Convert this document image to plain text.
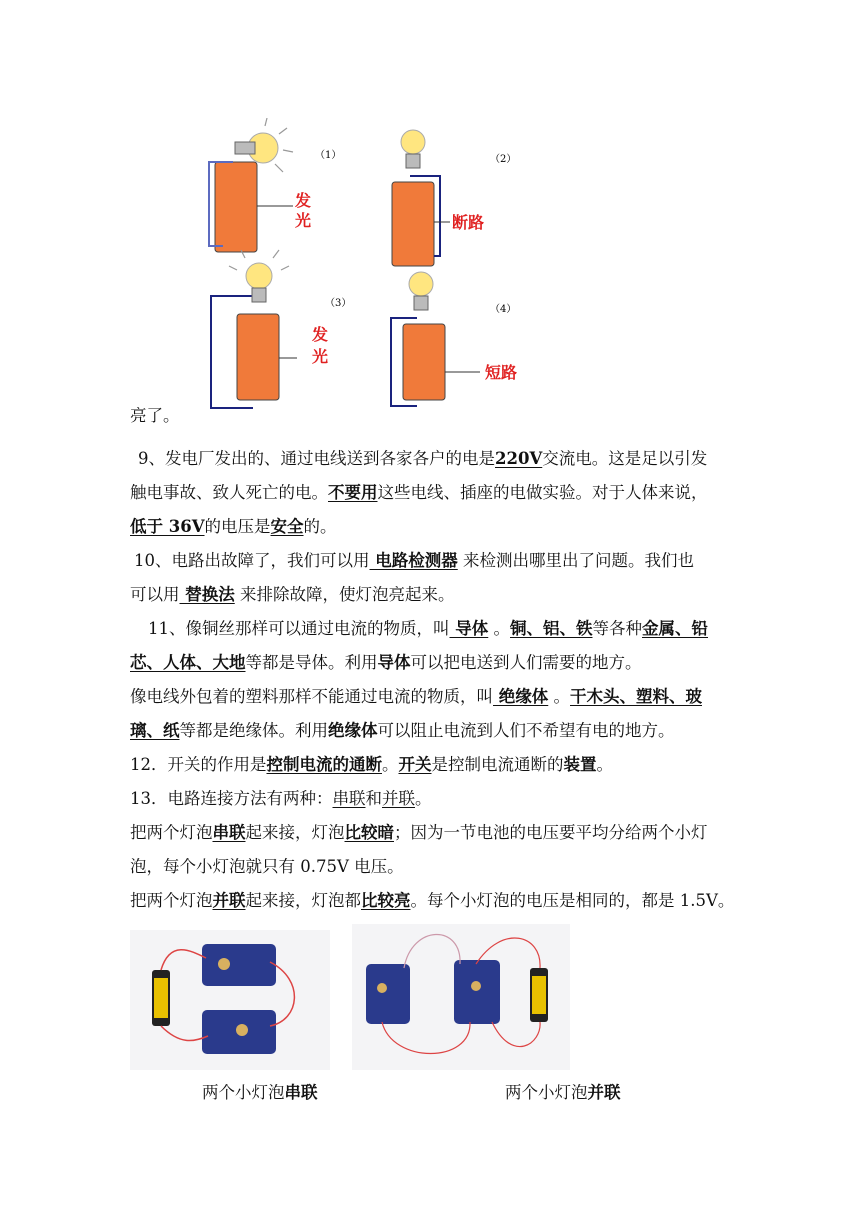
（1）
发
光
（2）
断路
（3）
发
光
（4）
短路
亮了。
9、发电厂发出的、通过电线送到各家各户的电是220V交流电。这是足以引发
触电事故、致人死亡的电。不要用这些电线、插座的电做实验。对于人体来说，
低于 36V的电压是安全的。
10、电路出故障了，我们可以用 电路检测器 来检测出哪里出了问题。我们也
可以用 替换法 来排除故障，使灯泡亮起来。
11、像铜丝那样可以通过电流的物质，叫 导体 。铜、铝、铁等各种金属、铅
芯、人体、大地等都是导体。利用导体可以把电送到人们需要的地方。
像电线外包着的塑料那样不能通过电流的物质，叫 绝缘体 。干木头、塑料、玻
璃、纸等都是绝缘体。利用绝缘体可以阻止电流到人们不希望有电的地方。
12．开关的作用是控制电流的通断。开关是控制电流通断的装置。
13．电路连接方法有两种：串联和并联。
把两个灯泡串联起来接，灯泡比较暗；因为一节电池的电压要平均分给两个小灯
泡，每个小灯泡就只有 0.75V 电压。
把两个灯泡并联起来接，灯泡都比较亮。每个小灯泡的电压是相同的，都是 1.5V。
两个小灯泡串联	两个小灯泡并联
